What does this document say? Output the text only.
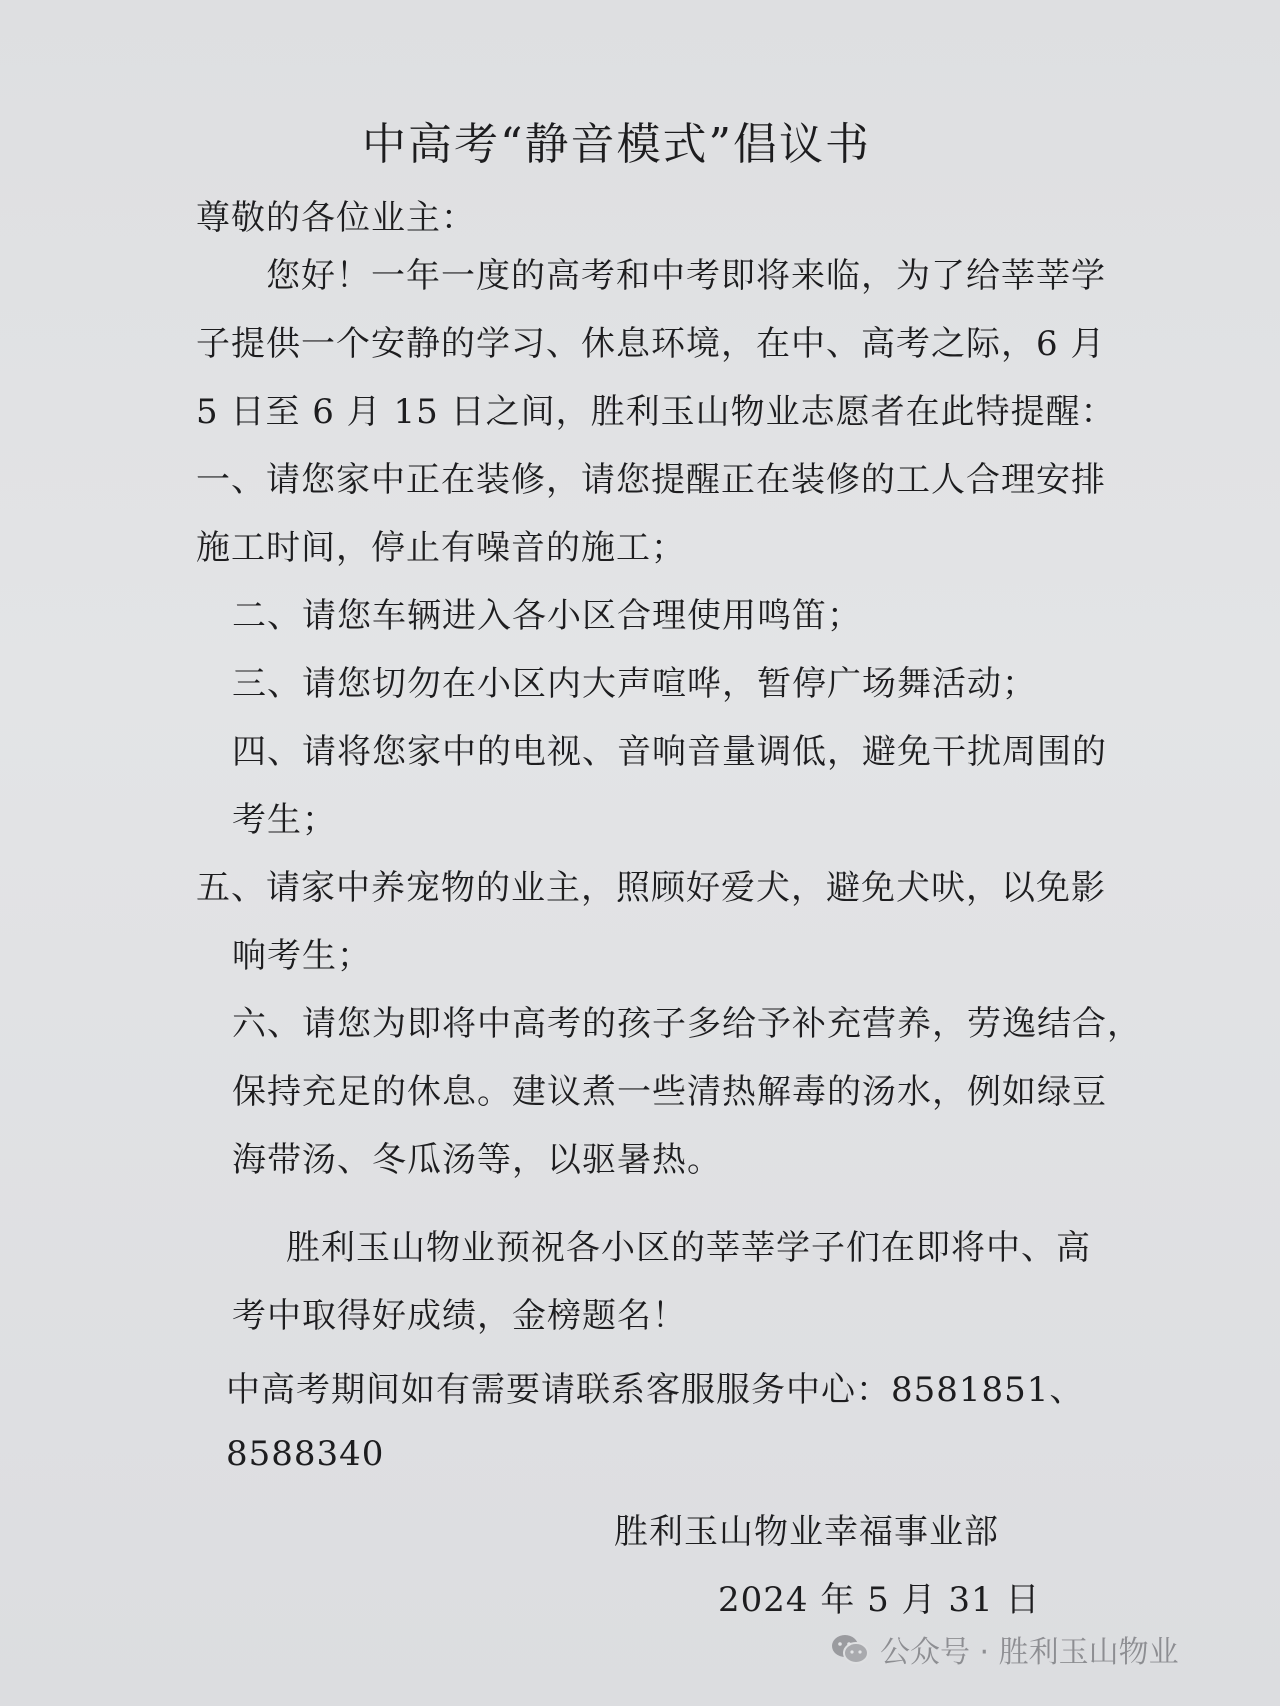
中高考“静音模式”倡议书
尊敬的各位业主：
您好！一年一度的高考和中考即将来临，为了给莘莘学
子提供一个安静的学习、休息环境，在中、高考之际，6 月
5 日至 6 月 15 日之间，胜利玉山物业志愿者在此特提醒：
一、请您家中正在装修，请您提醒正在装修的工人合理安排
施工时间，停止有噪音的施工；
二、请您车辆进入各小区合理使用鸣笛；
三、请您切勿在小区内大声喧哗，暂停广场舞活动；
四、请将您家中的电视、音响音量调低，避免干扰周围的
考生；
五、请家中养宠物的业主，照顾好爱犬，避免犬吠，以免影
响考生；
六、请您为即将中高考的孩子多给予补充营养，劳逸结合，
保持充足的休息。建议煮一些清热解毒的汤水，例如绿豆
海带汤、冬瓜汤等，以驱暑热。
胜利玉山物业预祝各小区的莘莘学子们在即将中、高
考中取得好成绩，金榜题名！
中高考期间如有需要请联系客服服务中心：8581851、
8588340
胜利玉山物业幸福事业部
2024 年 5 月 31 日
公众号 · 胜利玉山物业
